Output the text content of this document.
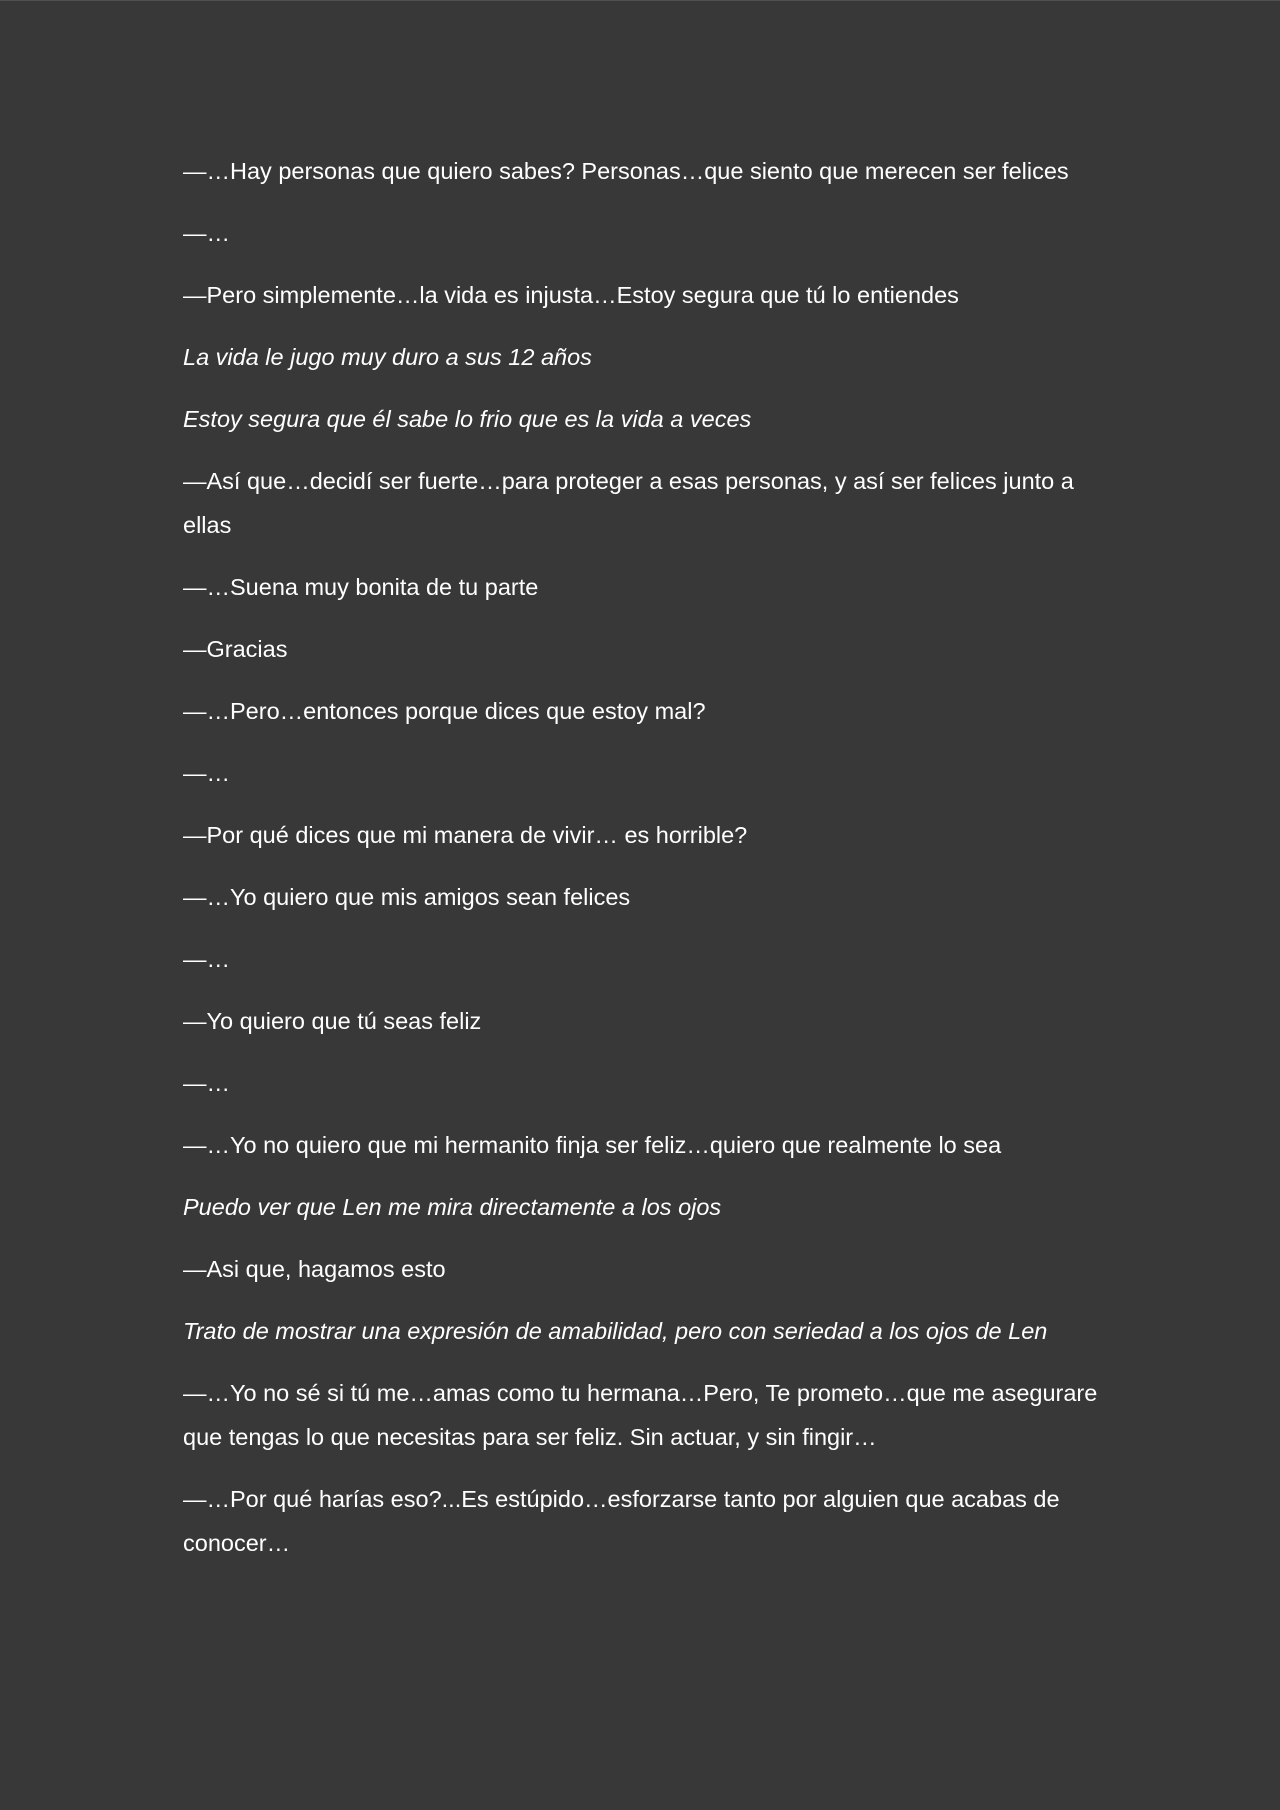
—…Hay personas que quiero sabes? Personas…que siento que merecen ser felices

—…

—Pero simplemente…la vida es injusta…Estoy segura que tú lo entiendes

La vida le jugo muy duro a sus 12 años

Estoy segura que él sabe lo frio que es la vida a veces

—Así que…decidí ser fuerte…para proteger a esas personas, y así ser felices junto a ellas

—…Suena muy bonita de tu parte

—Gracias

—…Pero…entonces porque dices que estoy mal?

—…

—Por qué dices que mi manera de vivir… es horrible?

—…Yo quiero que mis amigos sean felices

—…

—Yo quiero que tú seas feliz

—…

—…Yo no quiero que mi hermanito finja ser feliz…quiero que realmente lo sea

Puedo ver que Len me mira directamente a los ojos

—Asi que, hagamos esto

Trato de mostrar una expresión de amabilidad, pero con seriedad a los ojos de Len

—…Yo no sé si tú me…amas como tu hermana…Pero, Te prometo…que me asegurare que tengas lo que necesitas para ser feliz. Sin actuar, y sin fingir…

—…Por qué harías eso?...Es estúpido…esforzarse tanto por alguien que acabas de conocer…
